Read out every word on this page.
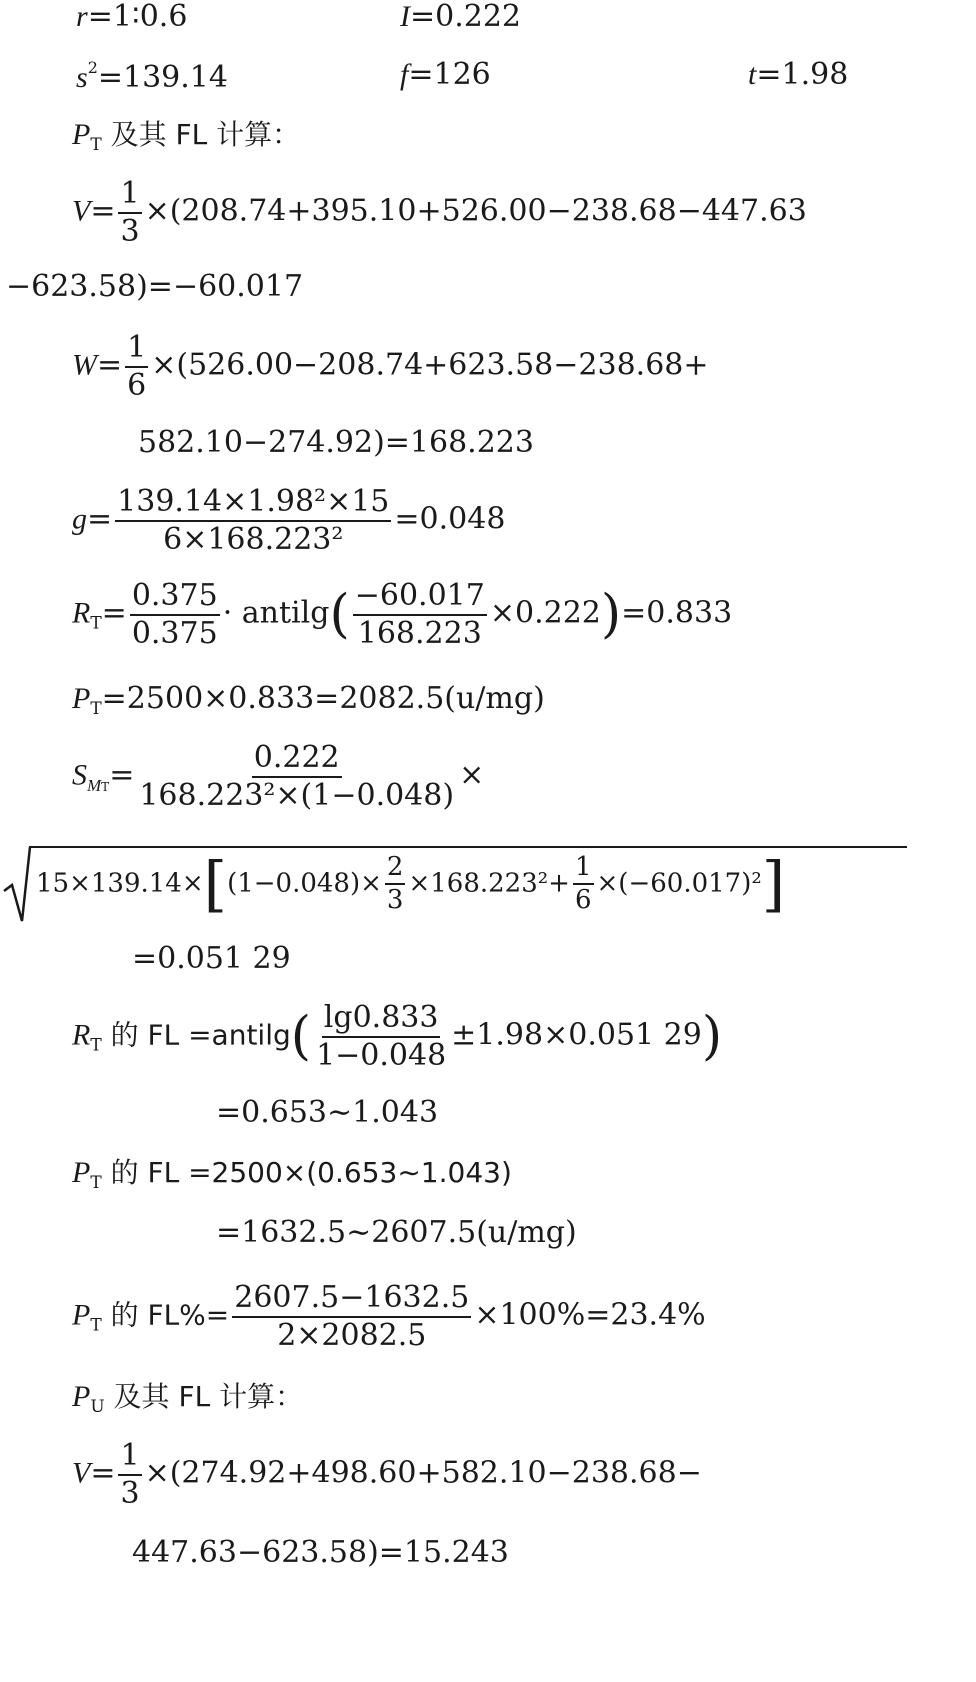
r=1∶0.6	I=0.222
$s^2=139.14$	f=126	t=1.98
$P_T$ 及其 FL 计算：
$V= \frac{1}{3} \times(208.74+395.10+526.00-238.68-447.63$
−623.58)=−60.017
$W= \frac{1}{6} \times(526.00-208.74+623.58-238.68+$
582.10−274.92)=168.223
$g= \frac{\text{139.14×1.98²×15}}{\text{6×168.223²}} =0.048$
$R_T= \frac{0.375}{0.375}$ · antilg( $\frac{-60.017}{168.223} \times 0.222)=0.833$
$P_T=2500\times 0.833=2082.5(u/mg)$
$S_{MT}= \frac{0.222}{\text{168.223²×(1−0.048)}}$ ×
$15\times 139.14\times[(1-0.048)\times \frac{2}{3} \times 168.223^2+ \frac{1}{6} \times(-60.017)^2]$
=0.051 29
$R_T$ 的 FL =antilg( $\frac{\lg 0.833}{1-0.048} \pm 1.98\times 0.051$ 29)
=0.653∼1.043
$P_T$ 的 FL =2500×(0.653∼1.043)
=1632.5∼2607.5(u/mg)
$P_T$ 的 $FL\%= \frac{2607.5-1632.5}{2\times 2082.5} \times 100\%=23.4\%$
$P_U$ 及其 FL 计算：
$V= \frac{1}{3} \times(274.92+498.60+582.10-238.68-$
447.63−623.58)=15.243
